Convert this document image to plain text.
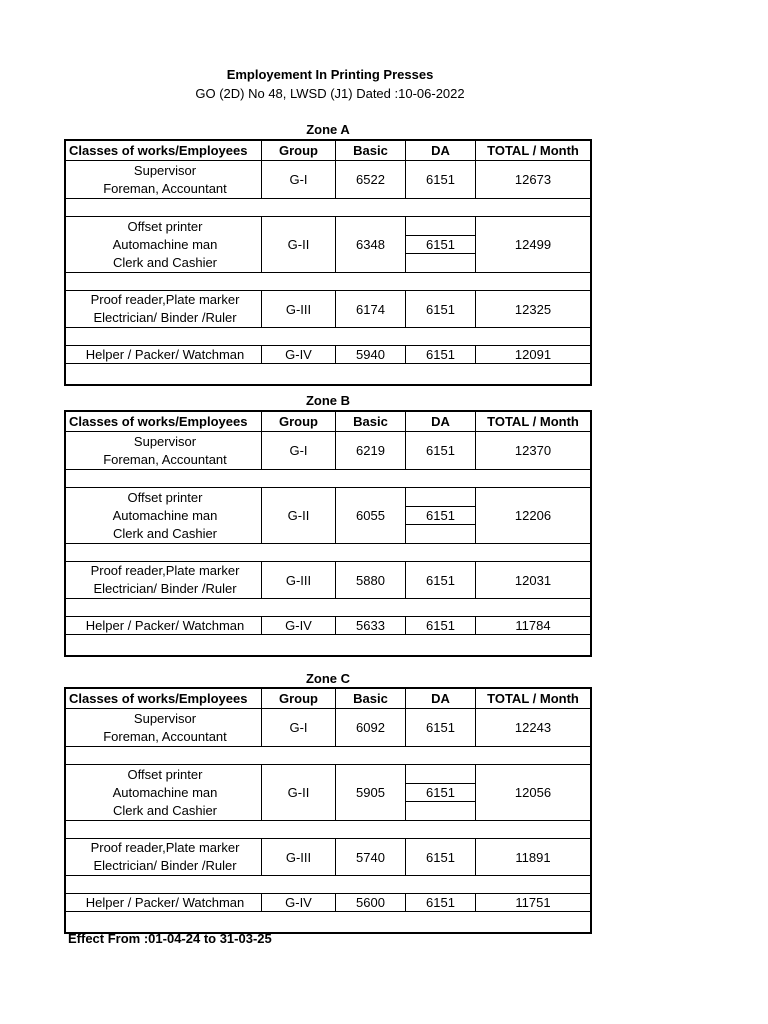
Employement In Printing Presses
GO (2D) No 48, LWSD (J1) Dated :10-06-2022
Zone A
Classes of works/Employees	Group	Basic	DA	TOTAL / Month
Supervisor
Foreman, Accountant
G-I	6522	6151	12673
Offset printer
Automachine man
Clerk and Cashier
G-II	6348	6151	12499
Proof reader,Plate marker
Electrician/ Binder /Ruler
G-III	6174	6151	12325
Helper / Packer/ Watchman	G-IV	5940	6151	12091
Zone B
Classes of works/Employees	Group	Basic	DA	TOTAL / Month
Supervisor
Foreman, Accountant
G-I	6219	6151	12370
Offset printer
Automachine man
Clerk and Cashier
G-II	6055	6151	12206
Proof reader,Plate marker
Electrician/ Binder /Ruler
G-III	5880	6151	12031
Helper / Packer/ Watchman	G-IV	5633	6151	11784
Zone C
Classes of works/Employees	Group	Basic	DA	TOTAL / Month
Supervisor
Foreman, Accountant
G-I	6092	6151	12243
Offset printer
Automachine man
Clerk and Cashier
G-II	5905	6151	12056
Proof reader,Plate marker
Electrician/ Binder /Ruler
G-III	5740	6151	11891
Helper / Packer/ Watchman	G-IV	5600	6151	11751
Effect From :01-04-24 to 31-03-25
